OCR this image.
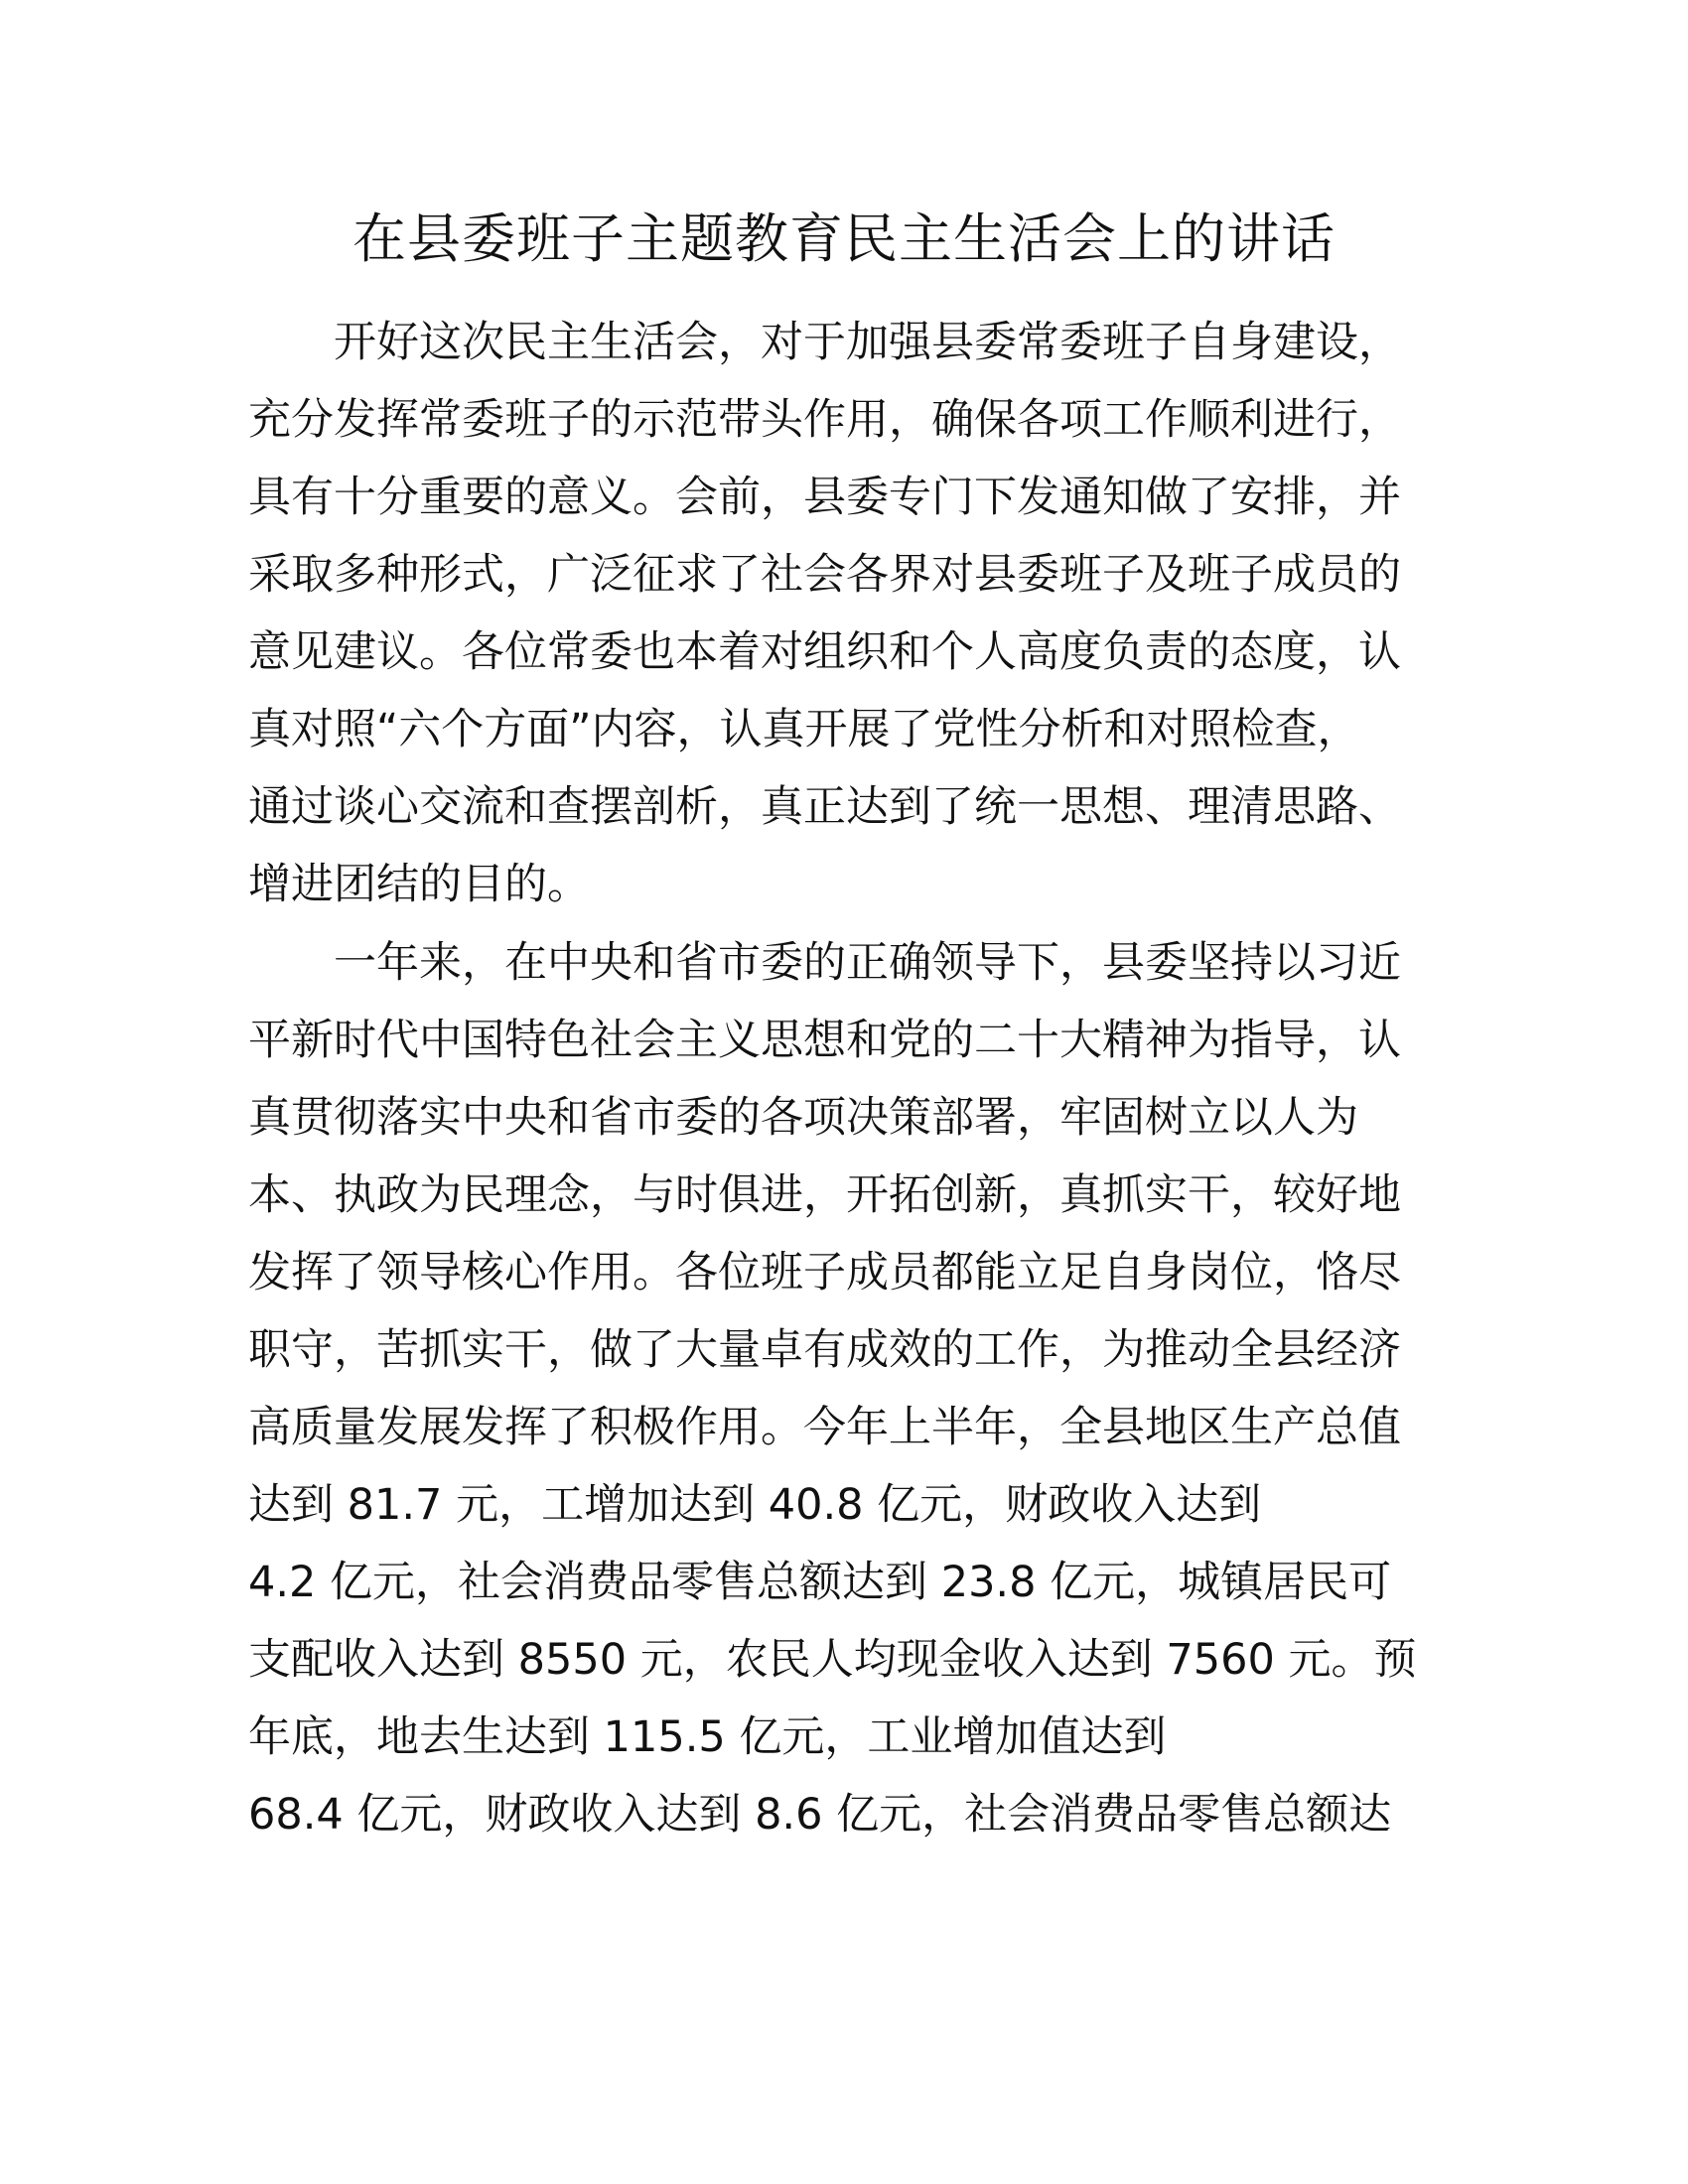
在县委班子主题教育民主生活会上的讲话
开好这次民主生活会，对于加强县委常委班子自身建设，
充分发挥常委班子的示范带头作用，确保各项工作顺利进行，
具有十分重要的意义。会前，县委专门下发通知做了安排，并
采取多种形式，广泛征求了社会各界对县委班子及班子成员的
意见建议。各位常委也本着对组织和个人高度负责的态度，认
真对照“六个方面”内容，认真开展了党性分析和对照检查，
通过谈心交流和查摆剖析，真正达到了统一思想、理清思路、
增进团结的目的。
一年来，在中央和省市委的正确领导下，县委坚持以习近
平新时代中国特色社会主义思想和党的二十大精神为指导，认
真贯彻落实中央和省市委的各项决策部署，牢固树立以人为
本、执政为民理念，与时俱进，开拓创新，真抓实干，较好地
发挥了领导核心作用。各位班子成员都能立足自身岗位，恪尽
职守，苦抓实干，做了大量卓有成效的工作，为推动全县经济
高质量发展发挥了积极作用。今年上半年，全县地区生产总值
达到 81.7 元，工增加达到 40.8 亿元，财政收入达到
4.2 亿元，社会消费品零售总额达到 23.8 亿元，城镇居民可
支配收入达到 8550 元，农民人均现金收入达到 7560 元。预
年底，地去生达到 115.5 亿元，工业增加值达到
68.4 亿元，财政收入达到 8.6 亿元，社会消费品零售总额达
